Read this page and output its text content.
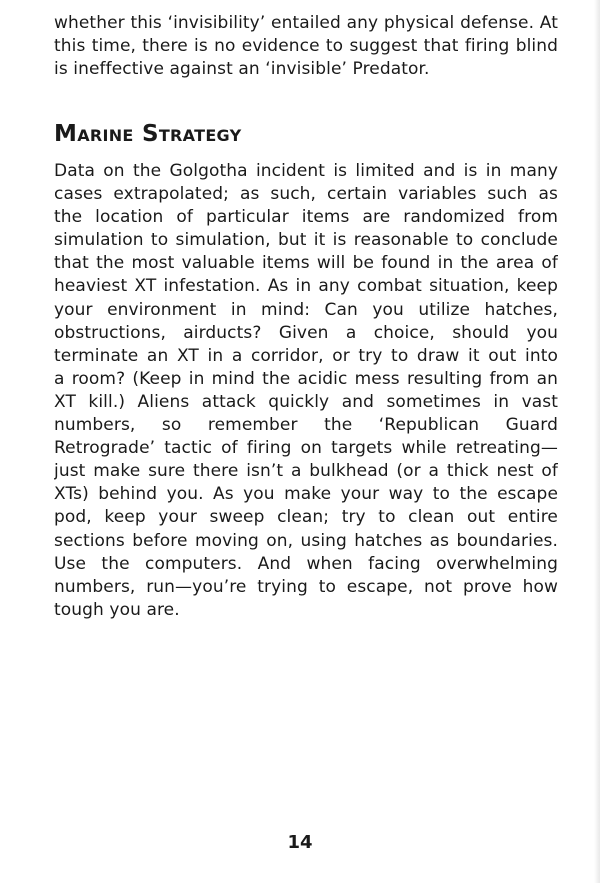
whether this ‘invisibility’ entailed any physical defense. At
this time, there is no evidence to suggest that firing blind
is ineffective against an ‘invisible’ Predator.
Marine Strategy
Data on the Golgotha incident is limited and is in many
cases extrapolated; as such, certain variables such as
the location of particular items are randomized from
simulation to simulation, but it is reasonable to conclude
that the most valuable items will be found in the area of
heaviest XT infestation. As in any combat situation, keep
your environment in mind: Can you utilize hatches,
obstructions, airducts? Given a choice, should you
terminate an XT in a corridor, or try to draw it out into
a room? (Keep in mind the acidic mess resulting from an
XT kill.) Aliens attack quickly and sometimes in vast
numbers, so remember the ‘Republican Guard
Retrograde’ tactic of firing on targets while retreating—
just make sure there isn’t a bulkhead (or a thick nest of
XTs) behind you. As you make your way to the escape
pod, keep your sweep clean; try to clean out entire
sections before moving on, using hatches as boundaries.
Use the computers. And when facing overwhelming
numbers, run—you’re trying to escape, not prove how
tough you are.
14
